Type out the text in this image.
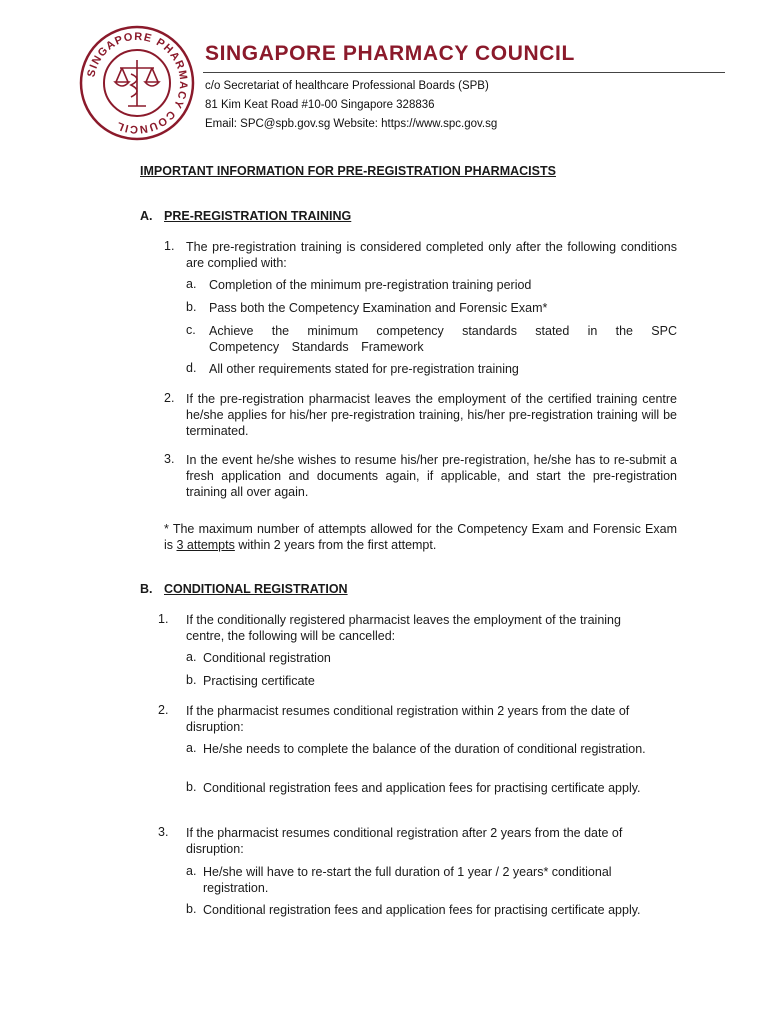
SINGAPORE PHARMACY COUNCIL
SINGAPORE PHARMACY COUNCIL
c/o Secretariat of healthcare Professional Boards (SPB)
81 Kim Keat Road #10-00 Singapore 328836
Email: SPC@spb.gov.sg Website: https://www.spc.gov.sg
IMPORTANT INFORMATION FOR PRE-REGISTRATION PHARMACISTS
A. PRE-REGISTRATION TRAINING
1. The pre-registration training is considered completed only after the following conditions are complied with:
a. Completion of the minimum pre-registration training period
b. Pass both the Competency Examination and Forensic Exam*
c. Achieve the minimum competency standards stated in the SPC Competency Standards Framework
d. All other requirements stated for pre-registration training
2. If the pre-registration pharmacist leaves the employment of the certified training centre he/she applies for his/her pre-registration training, his/her pre-registration training will be terminated.
3. In the event he/she wishes to resume his/her pre-registration, he/she has to re-submit a fresh application and documents again, if applicable, and start the pre-registration training all over again.
* The maximum number of attempts allowed for the Competency Exam and Forensic Exam is 3 attempts within 2 years from the first attempt.
B. CONDITIONAL REGISTRATION
1. If the conditionally registered pharmacist leaves the employment of the training centre, the following will be cancelled:
a. Conditional registration
b. Practising certificate
2. If the pharmacist resumes conditional registration within 2 years from the date of disruption:
a. He/she needs to complete the balance of the duration of conditional registration.
b. Conditional registration fees and application fees for practising certificate apply.
3. If the pharmacist resumes conditional registration after 2 years from the date of disruption:
a. He/she will have to re-start the full duration of 1 year / 2 years* conditional registration.
b. Conditional registration fees and application fees for practising certificate apply.
